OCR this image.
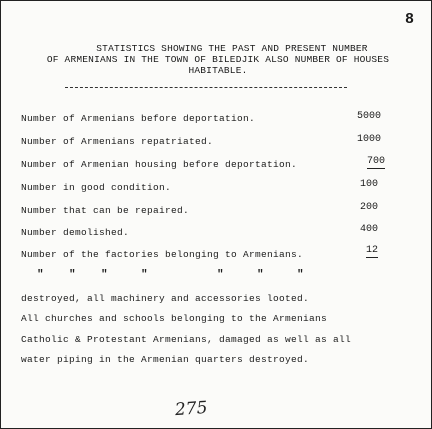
8
STATISTICS SHOWING THE PAST AND PRESENT NUMBER
OF ARMENIANS IN THE TOWN OF BILEDJIK ALSO NUMBER OF HOUSES
HABITABLE.
Number of Armenians before deportation.	5000
Number of Armenians repatriated.	1000
Number of Armenian housing before deportation.	700
Number in good condition.	100
Number that can be repaired.	200
Number demolished.	400
Number of the factories belonging to Armenians.	12
" " "	"	"	"	"
destroyed, all machinery and accessories looted.
All churches and schools belonging to the Armenians
Catholic & Protestant Armenians, damaged as well as all
water piping in the Armenian quarters destroyed.
275
